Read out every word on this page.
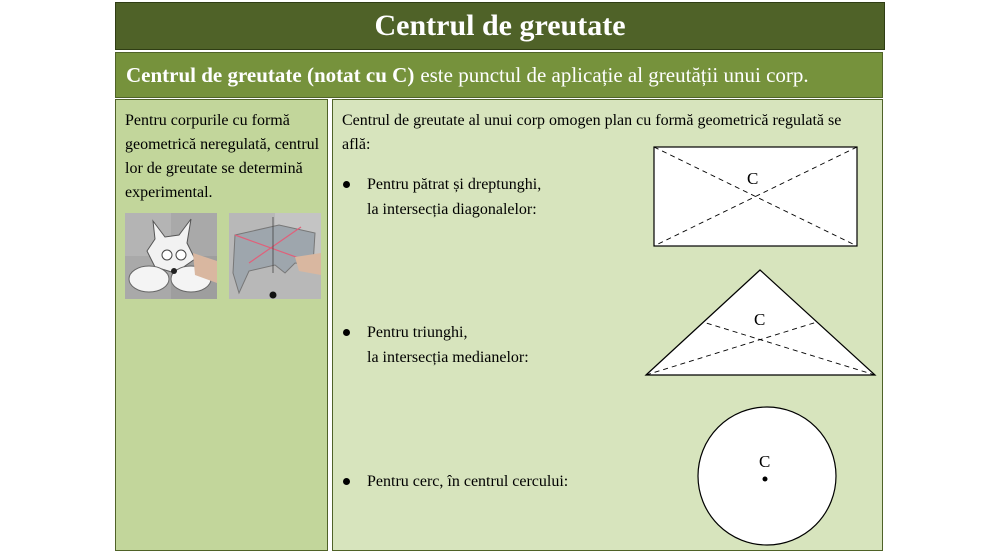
Centrul de greutate
Centrul de greutate (notat cu C) este punctul de aplicație al greutății unui corp.
Pentru corpurile cu formă geometrică neregulată, centrul lor de greutate se determină experimental.
Centrul de greutate al unui corp omogen plan cu formă geometrică regulată se află:
Pentru pătrat și dreptunghi,
la intersecția diagonalelor:
Pentru triunghi,
la intersecția medianelor:
Pentru cerc, în centrul cercului:
C
C
C
